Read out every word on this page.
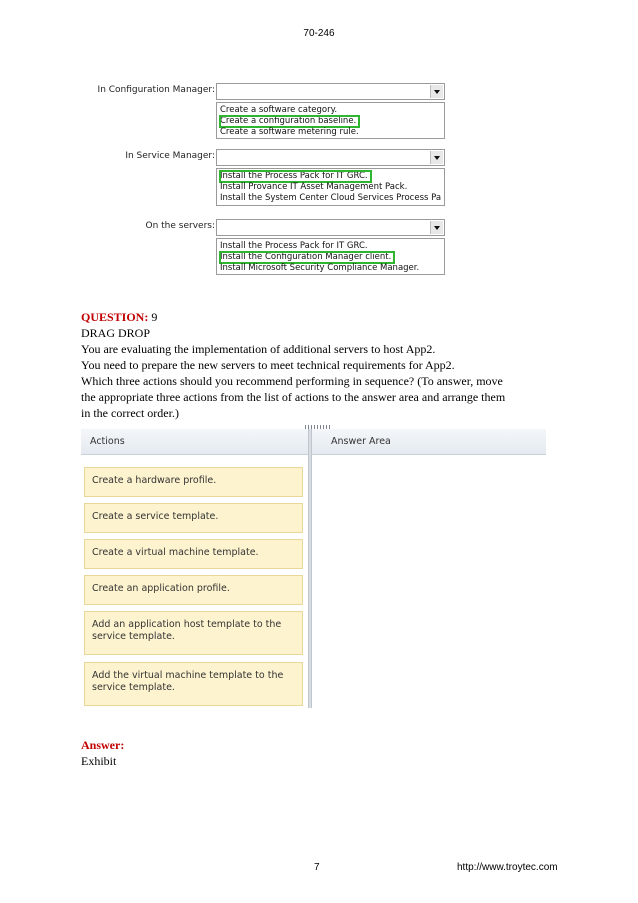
70-246
In Configuration Manager:
Create a software category.
Create a configuration baseline.
Create a software metering rule.
In Service Manager:
Install the Process Pack for IT GRC.
Install Provance IT Asset Management Pack.
Install the System Center Cloud Services Process Pa
On the servers:
Install the Process Pack for IT GRC.
Install the Configuration Manager client.
Install Microsoft Security Compliance Manager.
QUESTION: 9
DRAG DROP
You are evaluating the implementation of additional servers to host App2.
You need to prepare the new servers to meet technical requirements for App2.
Which three actions should you recommend performing in sequence? (To answer, move
the appropriate three actions from the list of actions to the answer area and arrange them
in the correct order.)
Actions	Answer Area
Create a hardware profile.
Create a service template.
Create a virtual machine template.
Create an application profile.
Add an application host template to the service template.
Add the virtual machine template to the service template.
Answer:
Exhibit
7	http://www.troytec.com
